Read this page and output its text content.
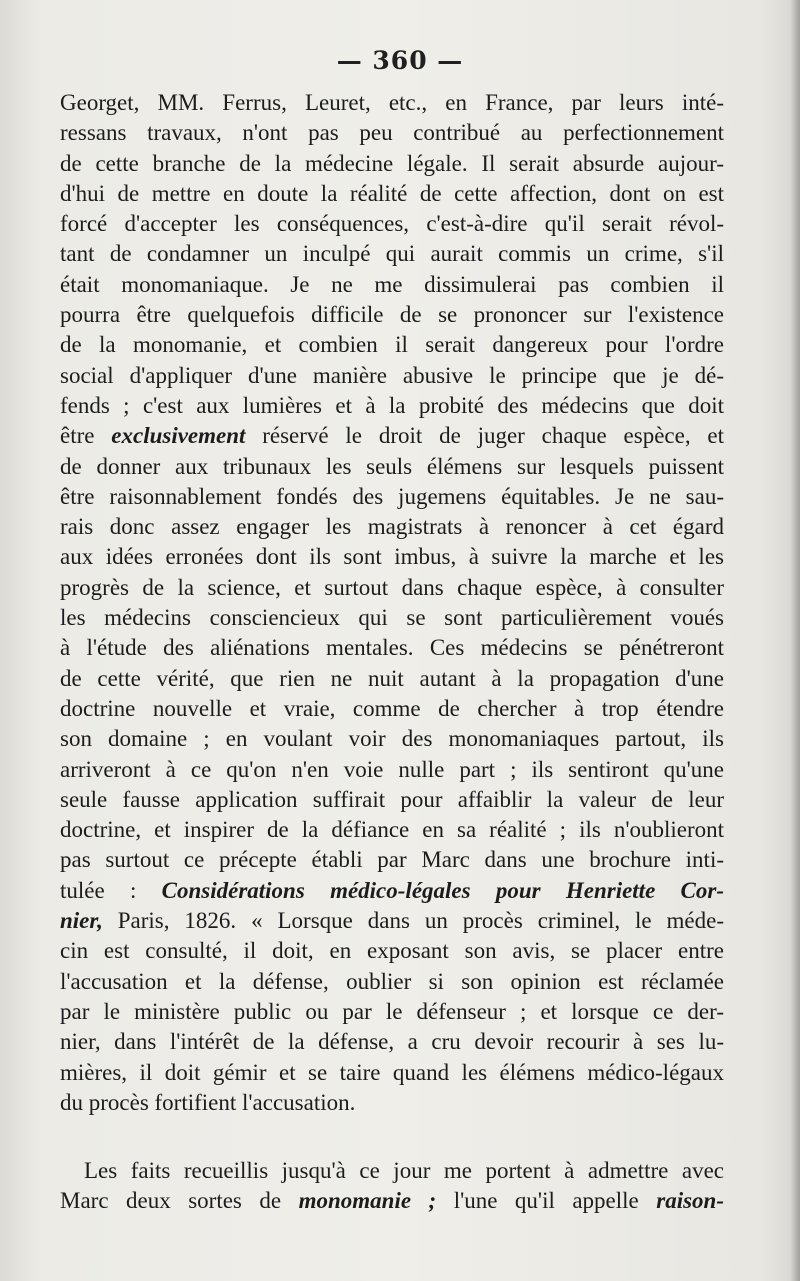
— 360 —
Georget, MM. Ferrus, Leuret, etc., en France, par leurs inté-
ressans travaux, n'ont pas peu contribué au perfectionnement
de cette branche de la médecine légale. Il serait absurde aujour-
d'hui de mettre en doute la réalité de cette affection, dont on est
forcé d'accepter les conséquences, c'est-à-dire qu'il serait révol-
tant de condamner un inculpé qui aurait commis un crime, s'il
était monomaniaque. Je ne me dissimulerai pas combien il
pourra être quelquefois difficile de se prononcer sur l'existence
de la monomanie, et combien il serait dangereux pour l'ordre
social d'appliquer d'une manière abusive le principe que je dé-
fends ; c'est aux lumières et à la probité des médecins que doit
être exclusivement réservé le droit de juger chaque espèce, et
de donner aux tribunaux les seuls élémens sur lesquels puissent
être raisonnablement fondés des jugemens équitables. Je ne sau-
rais donc assez engager les magistrats à renoncer à cet égard
aux idées erronées dont ils sont imbus, à suivre la marche et les
progrès de la science, et surtout dans chaque espèce, à consulter
les médecins consciencieux qui se sont particulièrement voués
à l'étude des aliénations mentales. Ces médecins se pénétreront
de cette vérité, que rien ne nuit autant à la propagation d'une
doctrine nouvelle et vraie, comme de chercher à trop étendre
son domaine ; en voulant voir des monomaniaques partout, ils
arriveront à ce qu'on n'en voie nulle part ; ils sentiront qu'une
seule fausse application suffirait pour affaiblir la valeur de leur
doctrine, et inspirer de la défiance en sa réalité ; ils n'oublieront
pas surtout ce précepte établi par Marc dans une brochure inti-
tulée : Considérations médico-légales pour Henriette Cor-
nier, Paris, 1826. « Lorsque dans un procès criminel, le méde-
cin est consulté, il doit, en exposant son avis, se placer entre
l'accusation et la défense, oublier si son opinion est réclamée
par le ministère public ou par le défenseur ; et lorsque ce der-
nier, dans l'intérêt de la défense, a cru devoir recourir à ses lu-
mières, il doit gémir et se taire quand les élémens médico-légaux
du procès fortifient l'accusation.
Les faits recueillis jusqu'à ce jour me portent à admettre avec
Marc deux sortes de monomanie ; l'une qu'il appelle raison-
